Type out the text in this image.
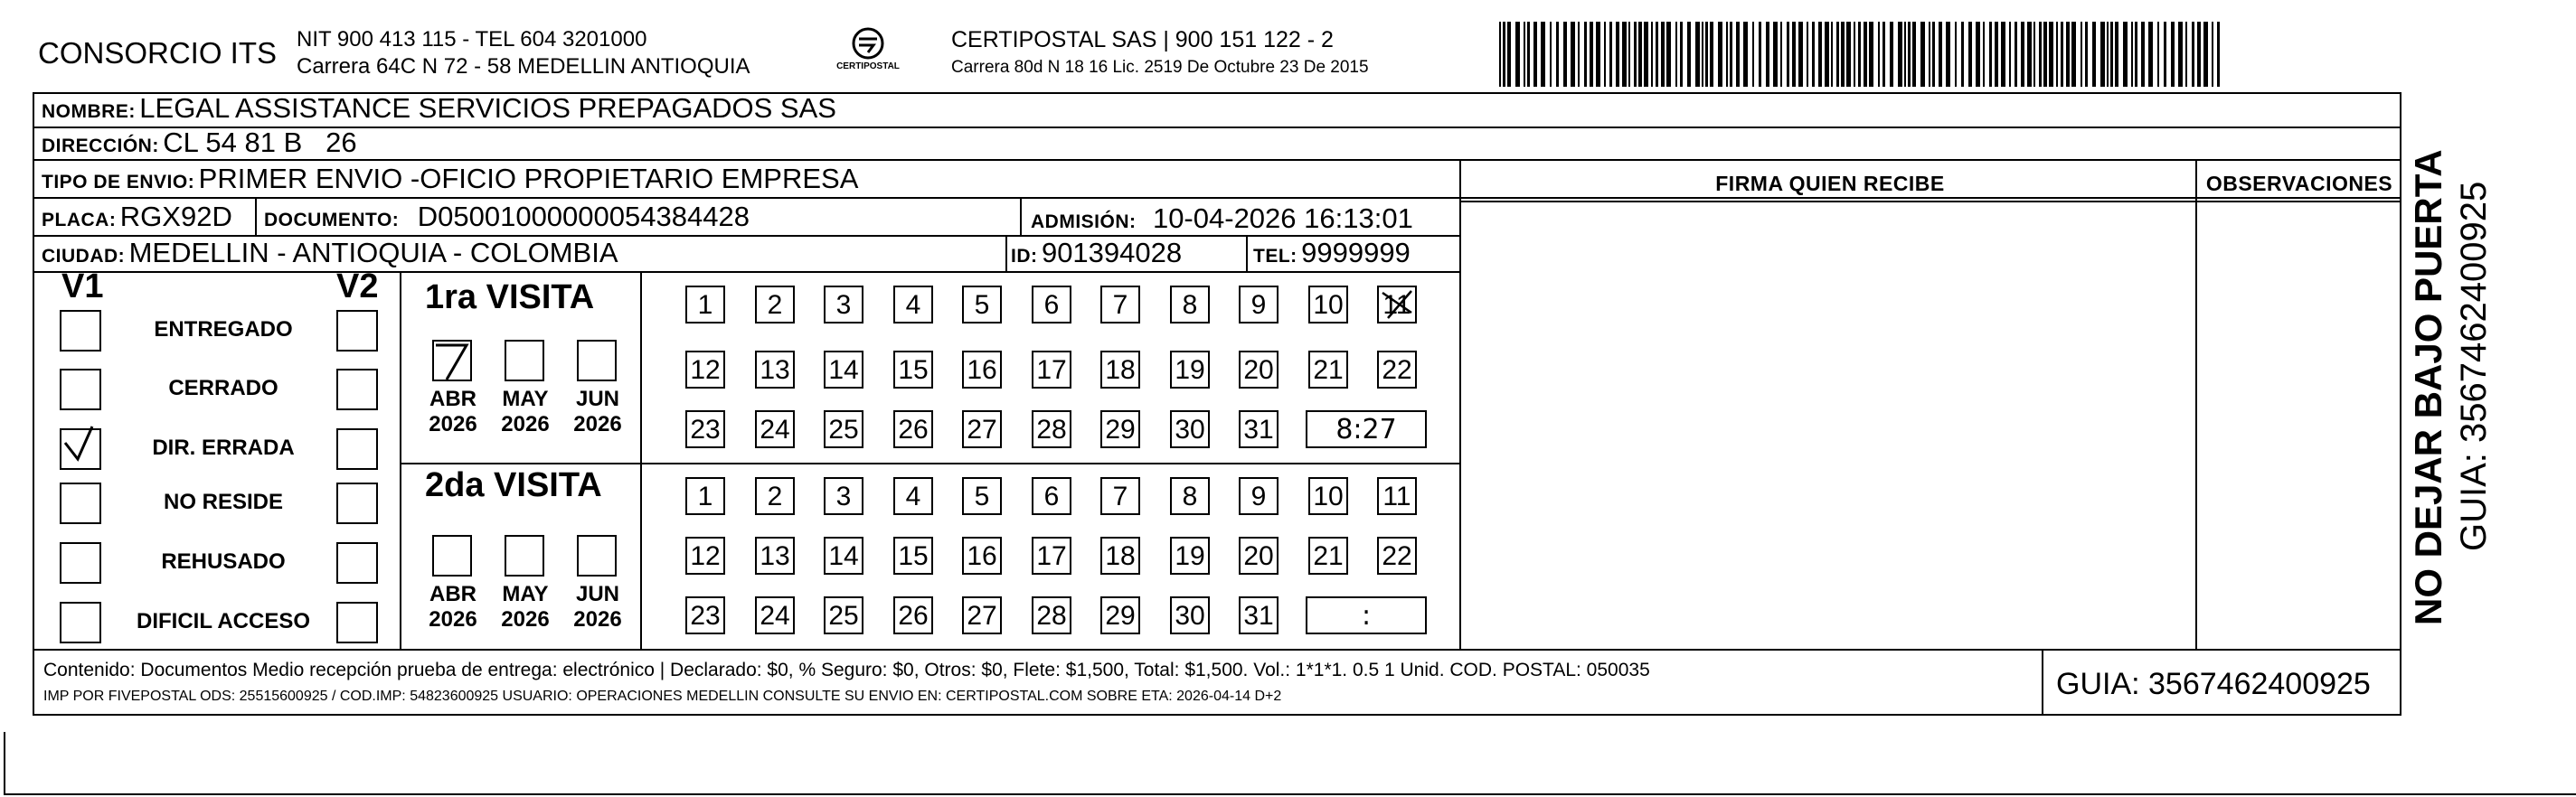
CONSORCIO ITS NIT 900 413 115 - TEL 604 3201000
Carrera 64C N 72 - 58 MEDELLIN ANTIOQUIA	CERTIPOSTAL
CERTIPOSTAL SAS | 900 151 122 - 2
Carrera 80d N 18 16 Lic. 2519 De Octubre 23 De 2015
NOMBRE: LEGAL ASSISTANCE SERVICIOS PREPAGADOS SAS
DIRECCIÓN: CL 54 81 B   26
TIPO DE ENVIO: PRIMER ENVIO -OFICIO PROPIETARIO EMPRESA
PLACA: RGX92D DOCUMENTO: D05001000000054384428	ADMISIÓN: 10-04-2026 16:13:01
CIUDAD: MEDELLIN - ANTIOQUIA - COLOMBIA	ID: 901394028	TEL: 9999999
FIRMA QUIEN RECIBE	OBSERVACIONES
V1	V2
ENTREGADO
CERRADO
DIR. ERRADA
NO RESIDE
REHUSADO
DIFICIL ACCESO
1ra VISITA
ABR
2026
MAY
2026
JUN
2026
1	2	3	4	5	6	7	8	9	10 11
12 13 14 15 16 17 18 19 20 21 22
23 24 25 26 27 28 29 30 31	8:27
2da VISITA
ABR
2026
MAY
2026
JUN
2026
1	2	3	4	5	6	7	8	9	10 11
12 13 14 15 16 17 18 19 20 21 22
23 24 25 26 27 28 29 30 31	:
Contenido: Documentos Medio recepción prueba de entrega: electrónico | Declarado: $0, % Seguro: $0, Otros: $0, Flete: $1,500, Total: $1,500. Vol.: 1*1*1. 0.5 1 Unid. COD. POSTAL: 050035
IMP POR FIVEPOSTAL ODS: 25515600925 / COD.IMP: 54823600925 USUARIO: OPERACIONES MEDELLIN CONSULTE SU ENVIO EN: CERTIPOSTAL.COM SOBRE ETA: 2026-04-14 D+2	GUIA: 3567462400925
NO DEJAR BAJO PUERTA GUIA: 3567462400925
